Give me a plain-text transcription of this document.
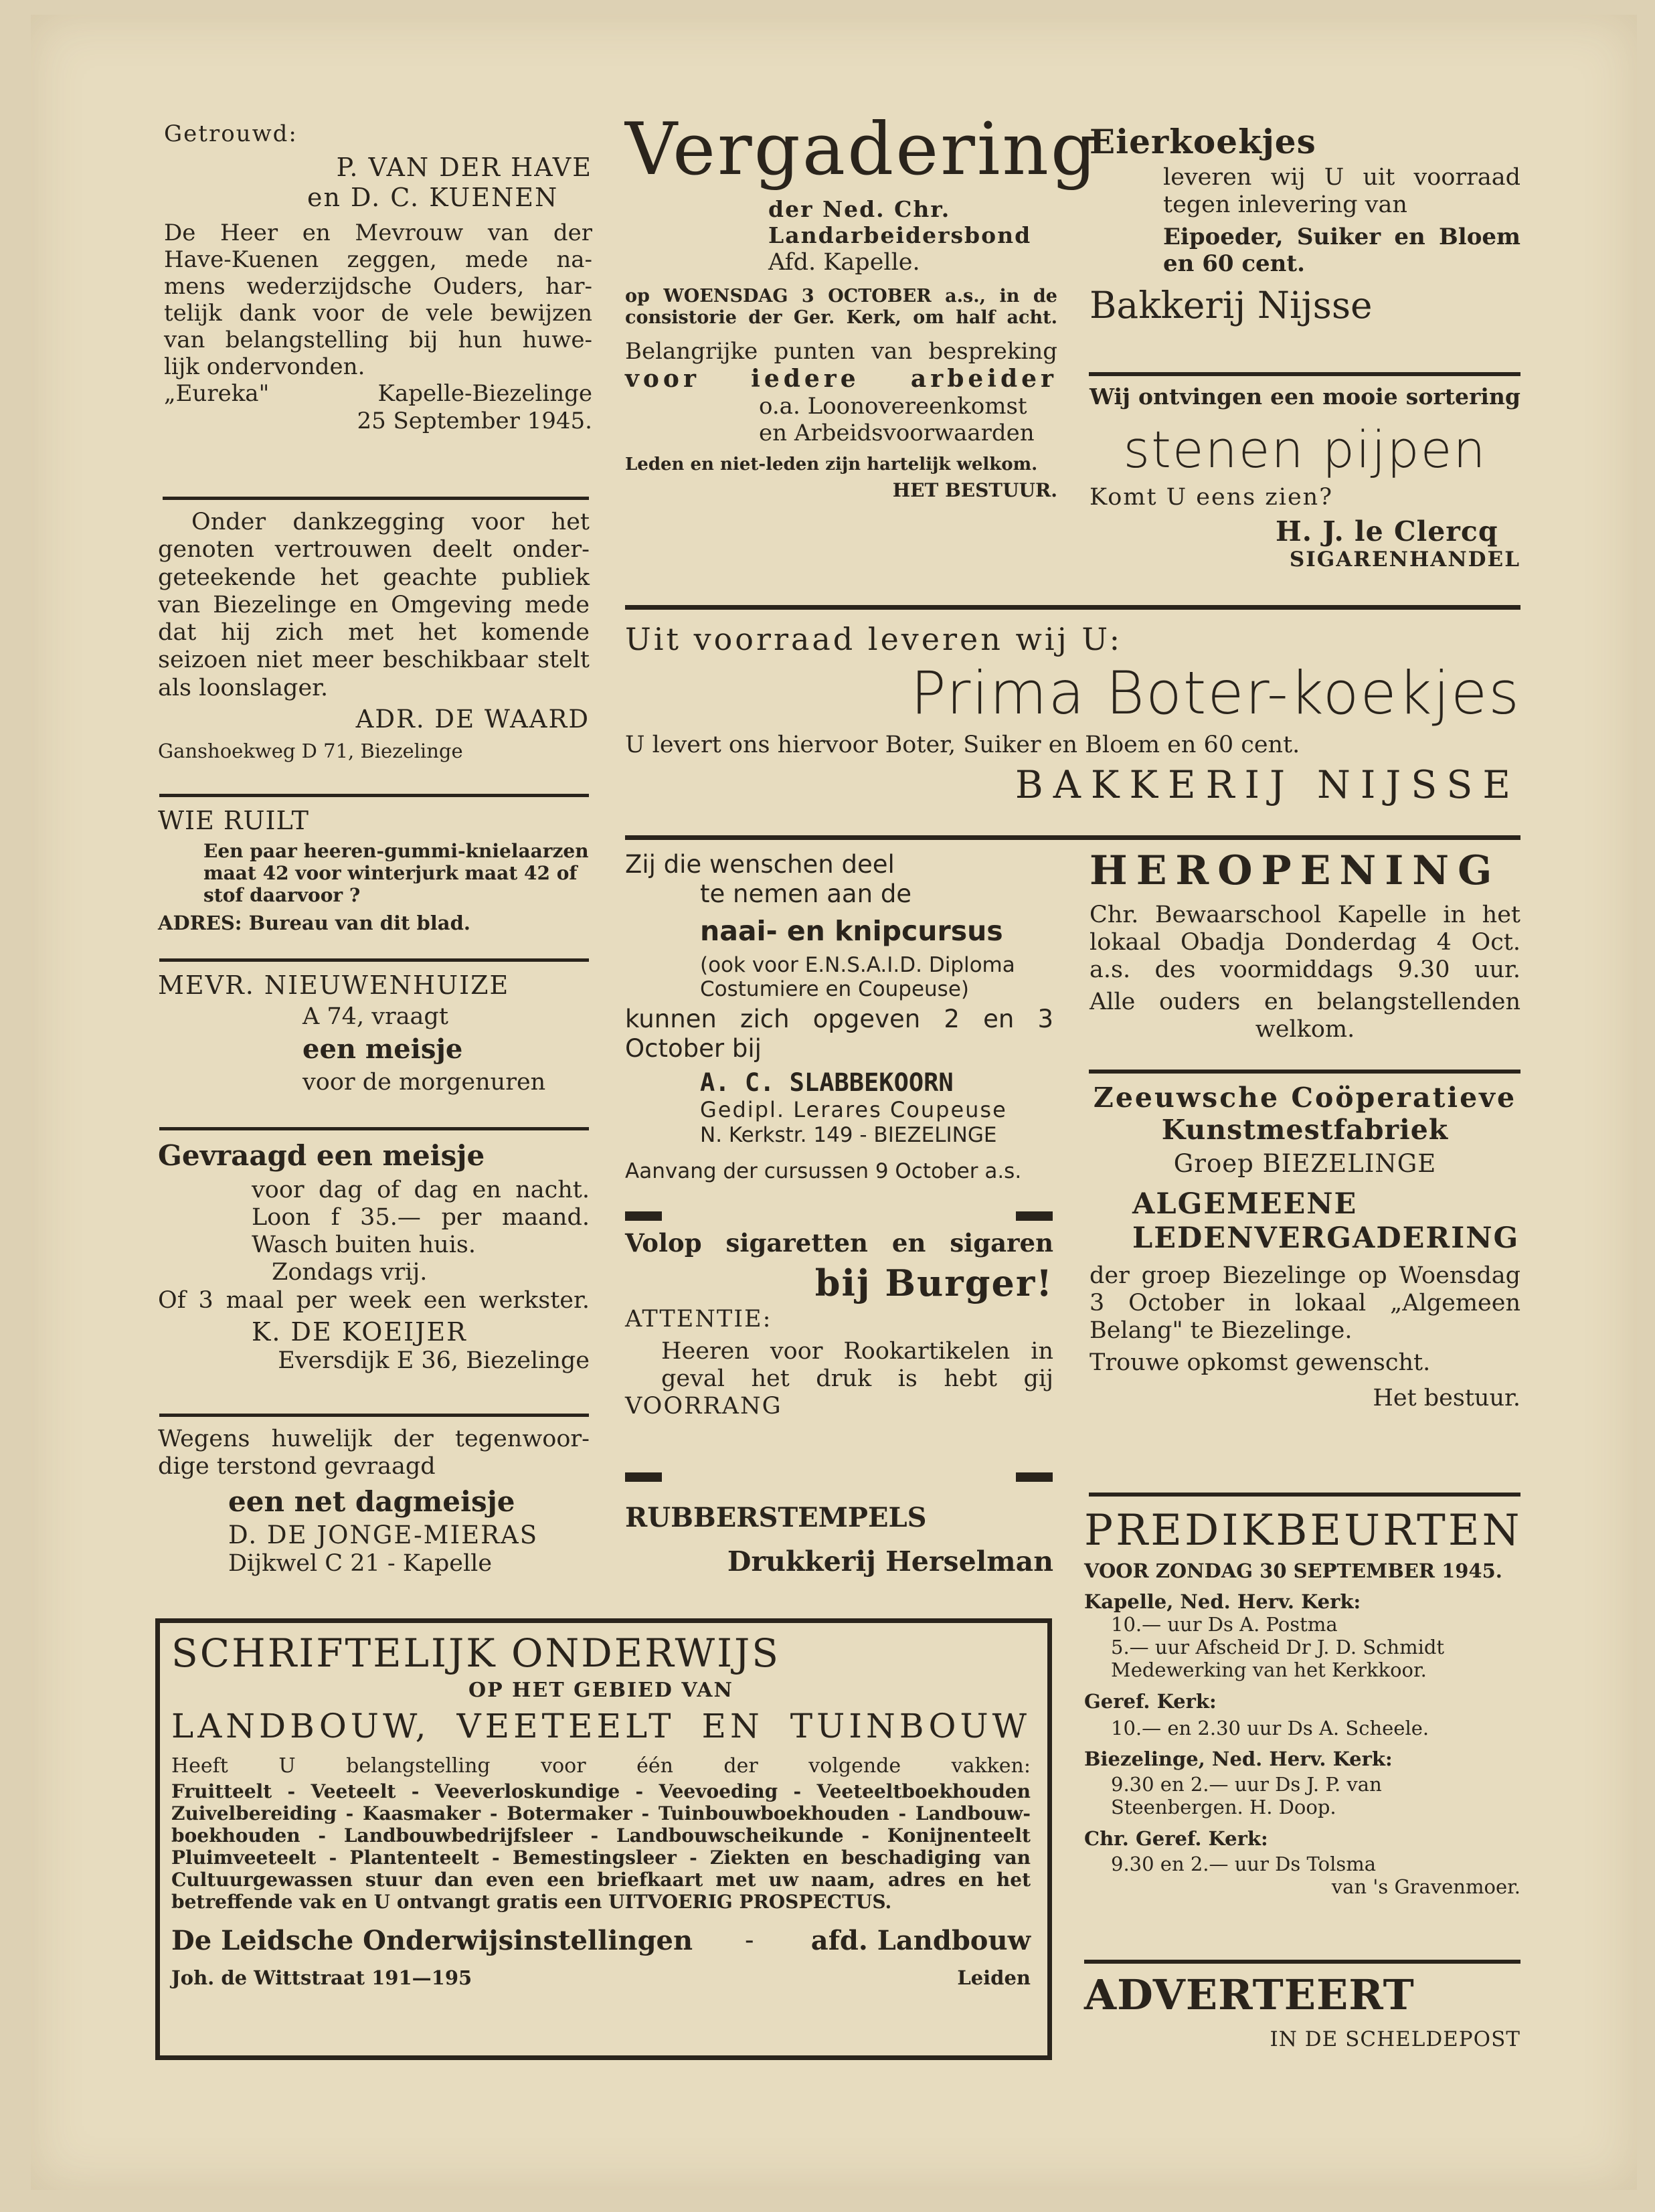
Getrouwd:
P. VAN DER HAVE
en D. C. KUENEN
De Heer en Mevrouw van der
Have-Kuenen zeggen, mede na-
mens wederzijdsche Ouders, har-
telijk dank voor de vele bewijzen
van belangstelling bij hun huwe-
lijk ondervonden.
„Eureka" Kapelle-Biezelinge
25 September 1945.
Onder dankzegging voor het
genoten vertrouwen deelt onder-
geteekende het geachte publiek
van Biezelinge en Omgeving mede
dat hij zich met het komende
seizoen niet meer beschikbaar stelt
als loonslager.
ADR. DE WAARD
Ganshoekweg D 71, Biezelinge
WIE RUILT
Een paar heeren-gummi-knielaarzen
maat 42 voor winterjurk maat 42 of
stof daarvoor ?
ADRES: Bureau van dit blad.
MEVR. NIEUWENHUIZE
A 74, vraagt
een meisje
voor de morgenuren
Gevraagd een meisje
voor dag of dag en nacht.
Loon f 35.— per maand.
Wasch buiten huis.
Zondags vrij.
Of 3 maal per week een werkster.
K. DE KOEIJER
Eversdijk E 36, Biezelinge
Wegens huwelijk der tegenwoor-
dige terstond gevraagd
een net dagmeisje
D. DE JONGE-MIERAS
Dijkwel C 21 - Kapelle
Vergadering
der Ned. Chr.
Landarbeidersbond
Afd. Kapelle.
op WOENSDAG 3 OCTOBER a.s., in de
consistorie der Ger. Kerk, om half acht.
Belangrijke punten van bespreking
voor iedere arbeider
o.a. Loonovereenkomst
en Arbeidsvoorwaarden
Leden en niet-leden zijn hartelijk welkom.
HET BESTUUR.
Zij die wenschen deel
te nemen aan de
naai- en knipcursus
(ook voor E.N.S.A.I.D. Diploma
Costumiere en Coupeuse)
kunnen zich opgeven 2 en 3
October bij
A. C. SLABBEKOORN
Gedipl. Lerares Coupeuse
N. Kerkstr. 149 - BIEZELINGE
Aanvang der cursussen 9 October a.s.
Volop sigaretten en sigaren
bij Burger!
ATTENTIE:
Heeren voor Rookartikelen in
geval het druk is hebt gij
VOORRANG
RUBBERSTEMPELS
Drukkerij Herselman
Eierkoekjes
leveren wij U uit voorraad
tegen inlevering van
Eipoeder, Suiker en Bloem
en 60 cent.
Bakkerij Nijsse
Wij ontvingen een mooie sortering
stenen pijpen
Komt U eens zien?
H. J. le Clercq
SIGARENHANDEL
Uit voorraad leveren wij U:
Prima Boter-koekjes
U levert ons hiervoor Boter, Suiker en Bloem en 60 cent.
BAKKERIJ NIJSSE
HEROPENING
Chr. Bewaarschool Kapelle in het
lokaal Obadja Donderdag 4 Oct.
a.s. des voormiddags 9.30 uur.
Alle ouders en belangstellenden
welkom.
Zeeuwsche Coöperatieve
Kunstmestfabriek
Groep BIEZELINGE
ALGEMEENE
LEDENVERGADERING
der groep Biezelinge op Woensdag
3 October in lokaal „Algemeen
Belang" te Biezelinge.
Trouwe opkomst gewenscht.
Het bestuur.
PREDIKBEURTEN
VOOR ZONDAG 30 SEPTEMBER 1945.
Kapelle, Ned. Herv. Kerk:
10.— uur Ds A. Postma
5.— uur Afscheid Dr J. D. Schmidt
Medewerking van het Kerkkoor.
Geref. Kerk:
10.— en 2.30 uur Ds A. Scheele.
Biezelinge, Ned. Herv. Kerk:
9.30 en 2.— uur Ds J. P. van
Steenbergen. H. Doop.
Chr. Geref. Kerk:
9.30 en 2.— uur Ds Tolsma
van 's Gravenmoer.
ADVERTEERT
IN DE SCHELDEPOST
SCHRIFTELIJK ONDERWIJS
OP HET GEBIED VAN
LANDBOUW, VEETEELT EN TUINBOUW
Heeft U belangstelling voor één der volgende vakken:
Fruitteelt - Veeteelt - Veeverloskundige - Veevoeding - Veeteeltboekhouden
Zuivelbereiding - Kaasmaker - Botermaker - Tuinbouwboekhouden - Landbouw-
boekhouden - Landbouwbedrijfsleer - Landbouwscheikunde - Konijnenteelt
Pluimveeteelt - Plantenteelt - Bemestingsleer - Ziekten en beschadiging van
Cultuurgewassen stuur dan even een briefkaart met uw naam, adres en het
betreffende vak en U ontvangt gratis een UITVOERIG PROSPECTUS.
De Leidsche Onderwijsinstellingen - afd. Landbouw
Joh. de Wittstraat 191—195	Leiden
